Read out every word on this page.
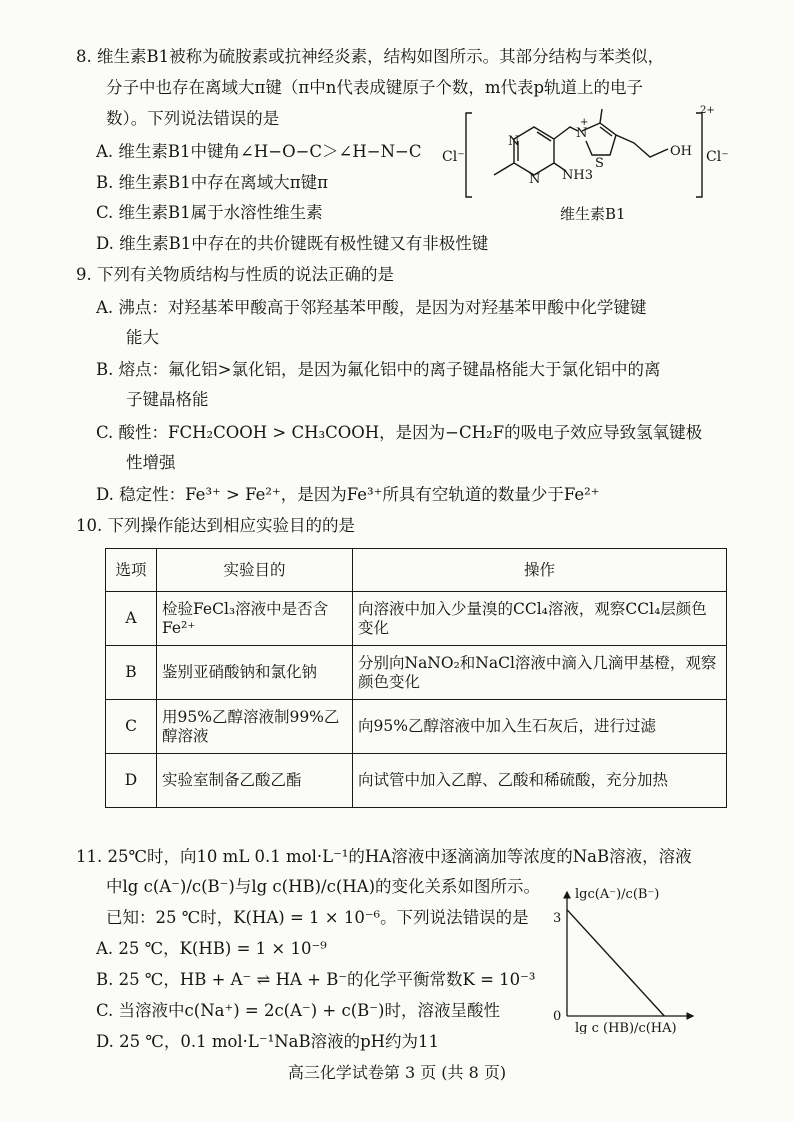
8. 维生素B1被称为硫胺素或抗神经炎素，结构如图所示。其部分结构与苯类似，
分子中也存在离域大π键（π中n代表成键原子个数，m代表p轨道上的电子
数）。下列说法错误的是
A. 维生素B1中键角∠H−O−C＞∠H−N−C
B. 维生素B1中存在离域大π键π
C. 维生素B1属于水溶性维生素
D. 维生素B1中存在的共价键既有极性键又有非极性键
Cl⁻	Cl⁻
2+
N
N
N
+
NH3
S
OH
维生素B1
9. 下列有关物质结构与性质的说法正确的是
A. 沸点：对羟基苯甲酸高于邻羟基苯甲酸，是因为对羟基苯甲酸中化学键键
能大
B. 熔点：氟化铝>氯化铝，是因为氟化铝中的离子键晶格能大于氯化铝中的离
子键晶格能
C. 酸性：FCH₂COOH > CH₃COOH，是因为−CH₂F的吸电子效应导致氢氧键极
性增强
D. 稳定性：Fe³⁺ > Fe²⁺，是因为Fe³⁺所具有空轨道的数量少于Fe²⁺
10. 下列操作能达到相应实验目的的是
选项	实验目的	操作
A	检验FeCl₃溶液中是否含Fe²⁺	向溶液中加入少量溴的CCl₄溶液，观察CCl₄层颜色变化
B	鉴别亚硝酸钠和氯化钠	分别向NaNO₂和NaCl溶液中滴入几滴甲基橙，观察颜色变化
C	用95%乙醇溶液制99%乙醇溶液	向95%乙醇溶液中加入生石灰后，进行过滤
D	实验室制备乙酸乙酯	向试管中加入乙醇、乙酸和稀硫酸，充分加热
11. 25℃时，向10 mL 0.1 mol·L⁻¹的HA溶液中逐滴滴加等浓度的NaB溶液，溶液
中lg c(A⁻)/c(B⁻)与lg c(HB)/c(HA)的变化关系如图所示。
已知：25 ℃时，K(HA) = 1 × 10⁻⁶。下列说法错误的是
A. 25 ℃，K(HB) = 1 × 10⁻⁹
B. 25 ℃，HB + A⁻ ⇌ HA + B⁻的化学平衡常数K = 10⁻³
C. 当溶液中c(Na⁺) = 2c(A⁻) + c(B⁻)时，溶液呈酸性
D. 25 ℃，0.1 mol·L⁻¹NaB溶液的pH约为11
lgc(A⁻)/c(B⁻)
lg c (HB)/c(HA)
3
0
高三化学试卷第 3 页 (共 8 页)
